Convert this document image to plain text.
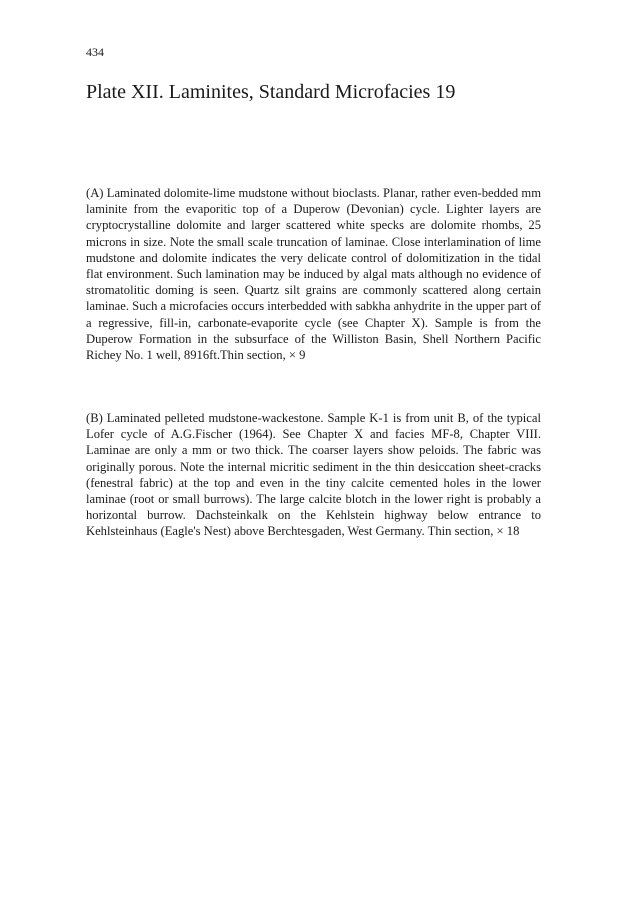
434
Plate XII. Laminites, Standard Microfacies 19

(A) Laminated dolomite-lime mudstone without bioclasts. Planar, rather even-bedded mm laminite from the evaporitic top of a Duperow (Devonian) cycle. Lighter layers are cryptocrystalline dolomite and larger scattered white specks are dolomite rhombs, 25 microns in size. Note the small scale truncation of laminae. Close interlamination of lime mudstone and dolomite indicates the very delicate control of dolomitization in the tidal flat environment. Such lamination may be induced by algal mats although no evidence of stromatolitic doming is seen. Quartz silt grains are commonly scattered along certain laminae. Such a microfacies occurs interbedded with sabkha anhydrite in the upper part of a regressive, fill-in, carbonate-evaporite cycle (see Chapter X). Sample is from the Duperow Formation in the subsurface of the Williston Basin, Shell Northern Pacific Richey No. 1 well, 8916ft.Thin section, × 9

(B) Laminated pelleted mudstone-wackestone. Sample K-1 is from unit B, of the typical Lofer cycle of A.G.Fischer (1964). See Chapter X and facies MF-8, Chapter VIII. Laminae are only a mm or two thick. The coarser layers show peloids. The fabric was originally porous. Note the internal micritic sediment in the thin desiccation sheet-cracks (fenestral fabric) at the top and even in the tiny calcite cemented holes in the lower laminae (root or small burrows). The large calcite blotch in the lower right is probably a horizontal burrow. Dachsteinkalk on the Kehlstein highway below entrance to Kehlsteinhaus (Eagle's Nest) above Berchtesgaden, West Germany. Thin section, × 18
